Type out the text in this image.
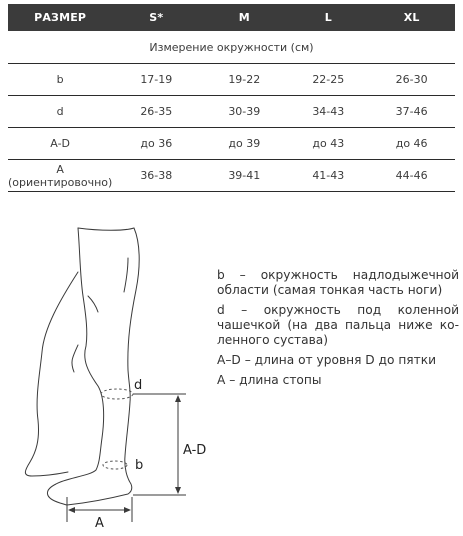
РАЗМЕР	S*	M	L	XL
Измерение окружности (см)				
b	17-19	19-22	22-25	26-30
d	26-35	30-39	34-43	37-46
A-D	до 36	до 39	до 43	до 46
A (ориентировочно)	36-38	39-41	41-43	44-46
d
b
A-D
A

b – окружность надлодыжечной области (самая тонкая часть ноги)

d – окружность под коленной чашечкой (на два пальца ниже ко-ленного сустава)

A–D – длина от уровня D до пятки

A – длина стопы
